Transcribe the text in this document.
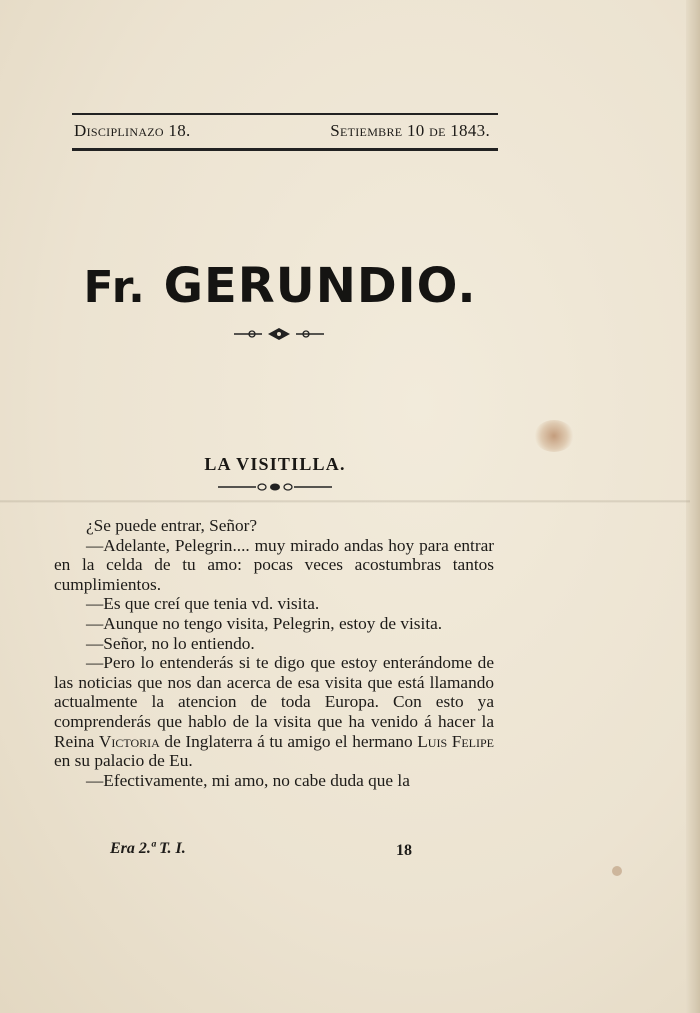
Disciplinazo 18.	Setiembre 10 de 1843.
Fr. GERUNDIO.
LA VISITILLA.

¿Se puede entrar, Señor?

—Adelante, Pelegrin.... muy mirado andas hoy para entrar en la celda de tu amo: pocas veces acostumbras tantos cumplimientos.

—Es que creí que tenia vd. visita.

—Aunque no tengo visita, Pelegrin, estoy de visita.

—Señor, no lo entiendo.

—Pero lo entenderás si te digo que estoy enterándome de las noticias que nos dan acerca de esa visita que está llamando actualmente la atencion de toda Europa. Con esto ya comprenderás que hablo de la visita que ha venido á hacer la Reina Victoria de Inglaterra á tu amigo el hermano Luis Felipe en su palacio de Eu.

—Efectivamente, mi amo, no cabe duda que la

Era 2.ª T. I.	18
